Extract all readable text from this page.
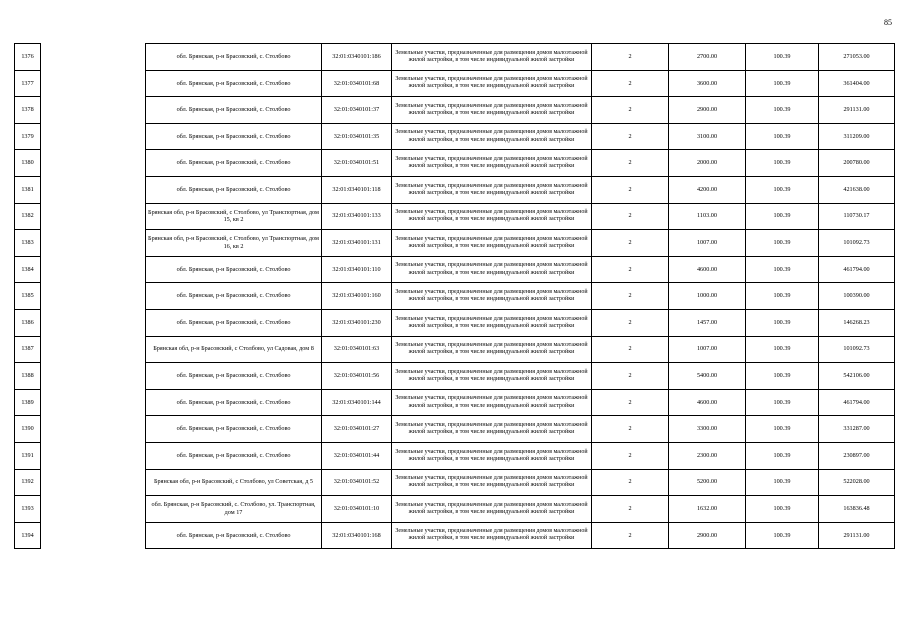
85
1376		обл. Брянская, р-н Брасовский, с. Столбово	32:01:0340101:186	Земельные участки, предназначенные для размещения домов малоэтажной жилой застройки, в том числе индивидуальной жилой застройки	2	2700.00	100.39	271053.00
1377		обл. Брянская, р-н Брасовский, с. Столбово	32:01:0340101:68	Земельные участки, предназначенные для размещения домов малоэтажной жилой застройки, в том числе индивидуальной жилой застройки	2	3600.00	100.39	361404.00
1378		обл. Брянская, р-н Брасовский, с. Столбово	32:01:0340101:37	Земельные участки, предназначенные для размещения домов малоэтажной жилой застройки, в том числе индивидуальной жилой застройки	2	2900.00	100.39	291131.00
1379		обл. Брянская, р-н Брасовский, с. Столбово	32:01:0340101:35	Земельные участки, предназначенные для размещения домов малоэтажной жилой застройки, в том числе индивидуальной жилой застройки	2	3100.00	100.39	311209.00
1380		обл. Брянская, р-н Брасовский, с. Столбово	32:01:0340101:51	Земельные участки, предназначенные для размещения домов малоэтажной жилой застройки, в том числе индивидуальной жилой застройки	2	2000.00	100.39	200780.00
1381		обл. Брянская, р-н Брасовский, с. Столбово	32:01:0340101:118	Земельные участки, предназначенные для размещения домов малоэтажной жилой застройки, в том числе индивидуальной жилой застройки	2	4200.00	100.39	421638.00
1382		Брянская обл, р-н Брасовский, с Столбово, ул Транспортная, дом 15, кв 2	32:01:0340101:133	Земельные участки, предназначенные для размещения домов малоэтажной жилой застройки, в том числе индивидуальной жилой застройки	2	1103.00	100.39	110730.17
1383		Брянская обл, р-н Брасовский, с Столбово, ул Транспортная, дом 16, кв 2	32:01:0340101:131	Земельные участки, предназначенные для размещения домов малоэтажной жилой застройки, в том числе индивидуальной жилой застройки	2	1007.00	100.39	101092.73
1384		обл. Брянская, р-н Брасовский, с. Столбово	32:01:0340101:110	Земельные участки, предназначенные для размещения домов малоэтажной жилой застройки, в том числе индивидуальной жилой застройки	2	4600.00	100.39	461794.00
1385		обл. Брянская, р-н Брасовский, с. Столбово	32:01:0340101:160	Земельные участки, предназначенные для размещения домов малоэтажной жилой застройки, в том числе индивидуальной жилой застройки	2	1000.00	100.39	100390.00
1386		обл. Брянская, р-н Брасовский, с. Столбово	32:01:0340101:230	Земельные участки, предназначенные для размещения домов малоэтажной жилой застройки, в том числе индивидуальной жилой застройки	2	1457.00	100.39	146268.23
1387		Брянская обл, р-н Брасовский, с Столбово, ул Садовая, дом 8	32:01:0340101:63	Земельные участки, предназначенные для размещения домов малоэтажной жилой застройки, в том числе индивидуальной жилой застройки	2	1007.00	100.39	101092.73
1388		обл. Брянская, р-н Брасовский, с. Столбово	32:01:0340101:56	Земельные участки, предназначенные для размещения домов малоэтажной жилой застройки, в том числе индивидуальной жилой застройки	2	5400.00	100.39	542106.00
1389		обл. Брянская, р-н Брасовский, с. Столбово	32:01:0340101:144	Земельные участки, предназначенные для размещения домов малоэтажной жилой застройки, в том числе индивидуальной жилой застройки	2	4600.00	100.39	461794.00
1390		обл. Брянская, р-н Брасовский, с. Столбово	32:01:0340101:27	Земельные участки, предназначенные для размещения домов малоэтажной жилой застройки, в том числе индивидуальной жилой застройки	2	3300.00	100.39	331287.00
1391		обл. Брянская, р-н Брасовский, с. Столбово	32:01:0340101:44	Земельные участки, предназначенные для размещения домов малоэтажной жилой застройки, в том числе индивидуальной жилой застройки	2	2300.00	100.39	230897.00
1392		Брянская обл, р-н Брасовский, с Столбово, ул Советская, д 5	32:01:0340101:52	Земельные участки, предназначенные для размещения домов малоэтажной жилой застройки, в том числе индивидуальной жилой застройки	2	5200.00	100.39	522028.00
1393		обл. Брянская, р-н Брасовский, с. Столбово, ул. Транспортная, дом 17	32:01:0340101:10	Земельные участки, предназначенные для размещения домов малоэтажной жилой застройки, в том числе индивидуальной жилой застройки	2	1632.00	100.39	163836.48
1394		обл. Брянская, р-н Брасовский, с. Столбово	32:01:0340101:168	Земельные участки, предназначенные для размещения домов малоэтажной жилой застройки, в том числе индивидуальной жилой застройки	2	2900.00	100.39	291131.00
